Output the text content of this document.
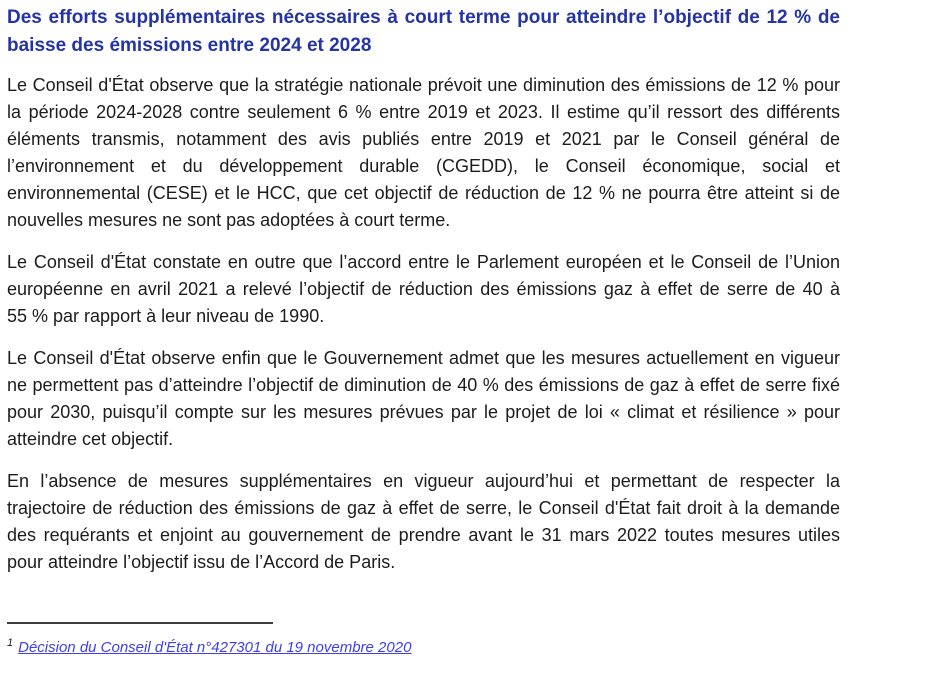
Des efforts supplémentaires nécessaires à court terme pour atteindre l’objectif de 12 % de baisse des émissions entre 2024 et 2028

Le Conseil d'État observe que la stratégie nationale prévoit une diminution des émissions de 12 % pour la période 2024-2028 contre seulement 6 % entre 2019 et 2023. Il estime qu’il ressort des différents éléments transmis, notamment des avis publiés entre 2019 et 2021 par le Conseil général de l’environnement et du développement durable (CGEDD), le Conseil économique, social et environnemental (CESE) et le HCC, que cet objectif de réduction de 12 % ne pourra être atteint si de nouvelles mesures ne sont pas adoptées à court terme.

Le Conseil d'État constate en outre que l’accord entre le Parlement européen et le Conseil de l’Union européenne en avril 2021 a relevé l’objectif de réduction des émissions gaz à effet de serre de 40 à 55 % par rapport à leur niveau de 1990.

Le Conseil d'État observe enfin que le Gouvernement admet que les mesures actuellement en vigueur ne permettent pas d’atteindre l’objectif de diminution de 40 % des émissions de gaz à effet de serre fixé pour 2030, puisqu’il compte sur les mesures prévues par le projet de loi « climat et résilience » pour atteindre cet objectif.

En l’absence de mesures supplémentaires en vigueur aujourd’hui et permettant de respecter la trajectoire de réduction des émissions de gaz à effet de serre, le Conseil d'État fait droit à la demande des requérants et enjoint au gouvernement de prendre avant le 31 mars 2022 toutes mesures utiles pour atteindre l’objectif issu de l’Accord de Paris.

$^1$ Décision du Conseil d'État n°427301 du 19 novembre 2020
